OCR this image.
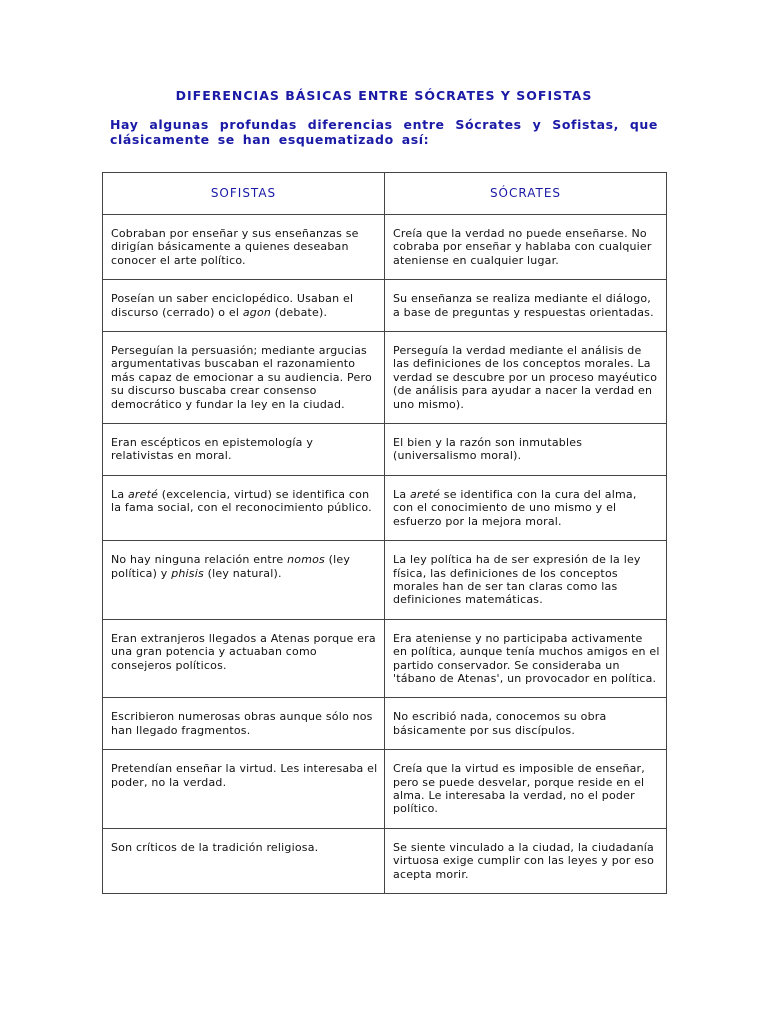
DIFERENCIAS BÁSICAS ENTRE SÓCRATES Y SOFISTAS
Hay algunas profundas diferencias entre Sócrates y Sofistas, que clásicamente se han esquematizado así:
SOFISTAS	SÓCRATES
Cobraban por enseñar y sus enseñanzas se dirigían básicamente a quienes deseaban conocer el arte político.	Creía que la verdad no puede enseñarse. No cobraba por enseñar y hablaba con cualquier ateniense en cualquier lugar.
Poseían un saber enciclopédico. Usaban el discurso (cerrado) o el agon (debate).	Su enseñanza se realiza mediante el diálogo, a base de preguntas y respuestas orientadas.
Perseguían la persuasión; mediante argucias argumentativas buscaban el razonamiento más capaz de emocionar a su audiencia. Pero su discurso buscaba crear consenso democrático y fundar la ley en la ciudad.	Perseguía la verdad mediante el análisis de las definiciones de los conceptos morales. La verdad se descubre por un proceso mayéutico (de análisis para ayudar a nacer la verdad en uno mismo).
Eran escépticos en epistemología y relativistas en moral.	El bien y la razón son inmutables (universalismo moral).
La areté (excelencia, virtud) se identifica con la fama social, con el reconocimiento público.	La areté se identifica con la cura del alma, con el conocimiento de uno mismo y el esfuerzo por la mejora moral.
No hay ninguna relación entre nomos (ley política) y phisis (ley natural).	La ley política ha de ser expresión de la ley física, las definiciones de los conceptos morales han de ser tan claras como las definiciones matemáticas.
Eran extranjeros llegados a Atenas porque era una gran potencia y actuaban como consejeros políticos.	Era ateniense y no participaba activamente en política, aunque tenía muchos amigos en el partido conservador. Se consideraba un 'tábano de Atenas', un provocador en política.
Escribieron numerosas obras aunque sólo nos han llegado fragmentos.	No escribió nada, conocemos su obra básicamente por sus discípulos.
Pretendían enseñar la virtud. Les interesaba el poder, no la verdad.	Creía que la virtud es imposible de enseñar, pero se puede desvelar, porque reside en el alma. Le interesaba la verdad, no el poder político.
Son críticos de la tradición religiosa.	Se siente vinculado a la ciudad, la ciudadanía virtuosa exige cumplir con las leyes y por eso acepta morir.
